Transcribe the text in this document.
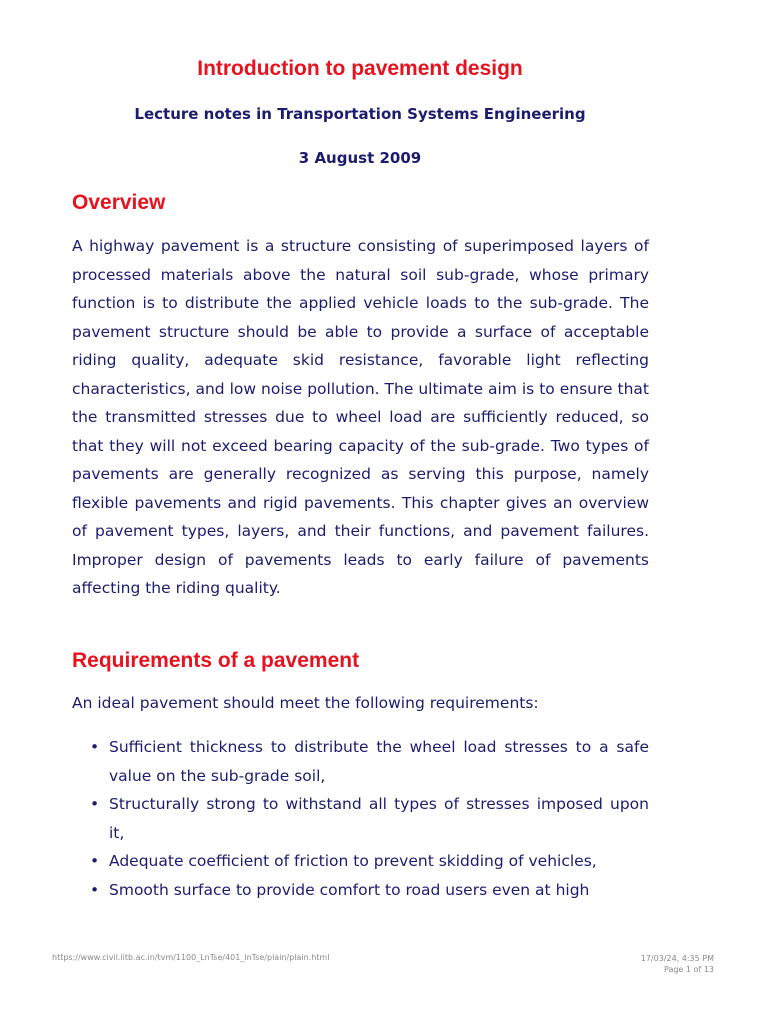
Introduction to pavement design
Lecture notes in Transportation Systems Engineering
3 August 2009
Overview

A highway pavement is a structure consisting of superimposed layers of processed materials above the natural soil sub-grade, whose primary function is to distribute the applied vehicle loads to the sub-grade. The pavement structure should be able to provide a surface of acceptable riding quality, adequate skid resistance, favorable light reflecting characteristics, and low noise pollution. The ultimate aim is to ensure that the transmitted stresses due to wheel load are sufficiently reduced, so that they will not exceed bearing capacity of the sub-grade. Two types of pavements are generally recognized as serving this purpose, namely flexible pavements and rigid pavements. This chapter gives an overview of pavement types, layers, and their functions, and pavement failures. Improper design of pavements leads to early failure of pavements affecting the riding quality.

Requirements of a pavement

An ideal pavement should meet the following requirements:

• Sufficient thickness to distribute the wheel load stresses to a safe value on the sub-grade soil,
• Structurally strong to withstand all types of stresses imposed upon it,
• Adequate coefficient of friction to prevent skidding of vehicles,
• Smooth surface to provide comfort to road users even at high
https://www.civil.iitb.ac.in/tvm/1100_LnTse/401_lnTse/plain/plain.html	17/03/24, 4:35 PM
Page 1 of 13
